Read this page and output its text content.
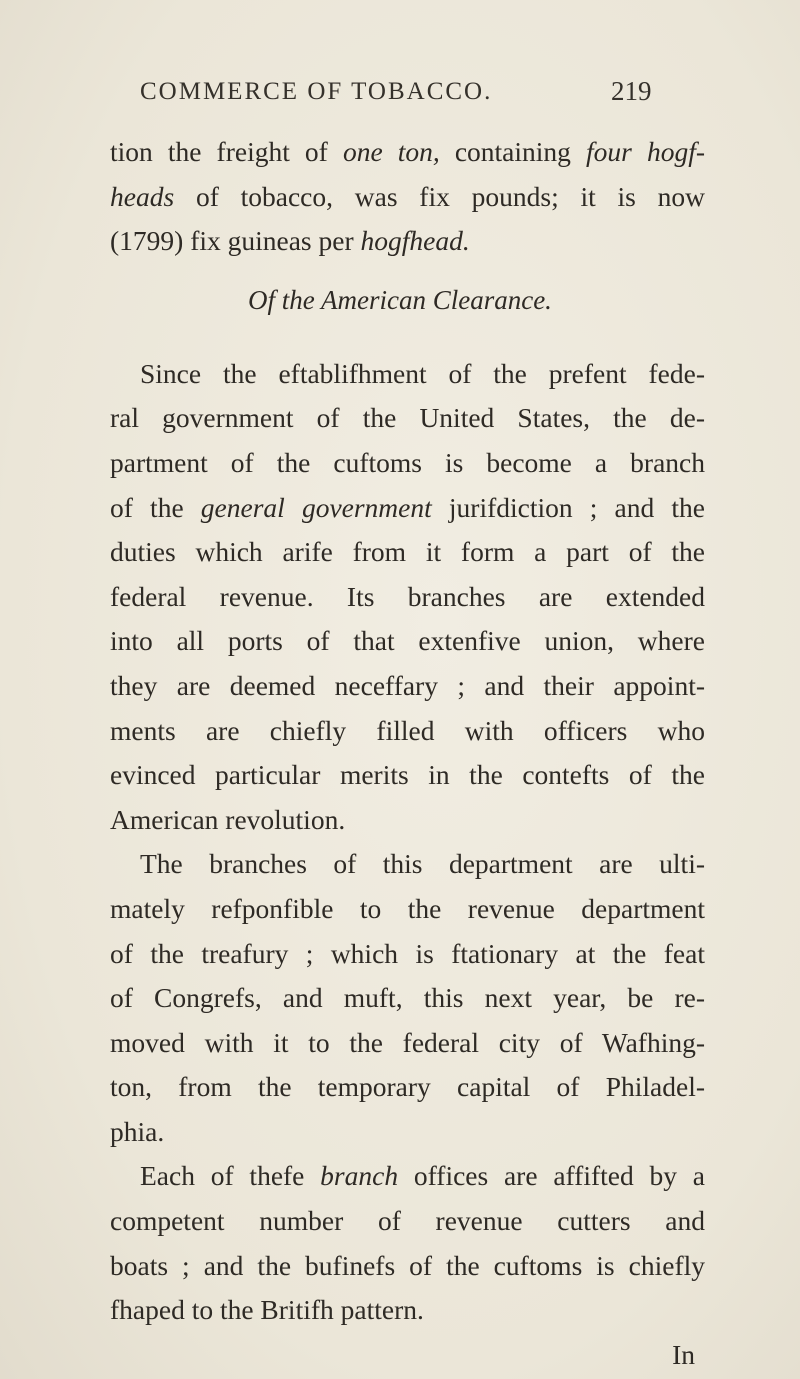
COMMERCE OF TOBACCO.	219
tion the freight of one ton, containing four hogf-
heads of tobacco, was fix pounds; it is now
(1799) fix guineas per hogfhead.
Of the American Clearance.
Since the eftablifhment of the prefent fede-
ral government of the United States, the de-
partment of the cuftoms is become a branch
of the general government jurifdiction ; and the
duties which arife from it form a part of the
federal revenue. Its branches are extended
into all ports of that extenfive union, where
they are deemed neceffary ; and their appoint-
ments are chiefly filled with officers who
evinced particular merits in the contefts of the
American revolution.
The branches of this department are ulti-
mately refponfible to the revenue department
of the treafury ; which is ftationary at the feat
of Congrefs, and muft, this next year, be re-
moved with it to the federal city of Wafhing-
ton, from the temporary capital of Philadel-
phia.
Each of thefe branch offices are affifted by a
competent number of revenue cutters and
boats ; and the bufinefs of the cuftoms is chiefly
fhaped to the Britifh pattern.
In
